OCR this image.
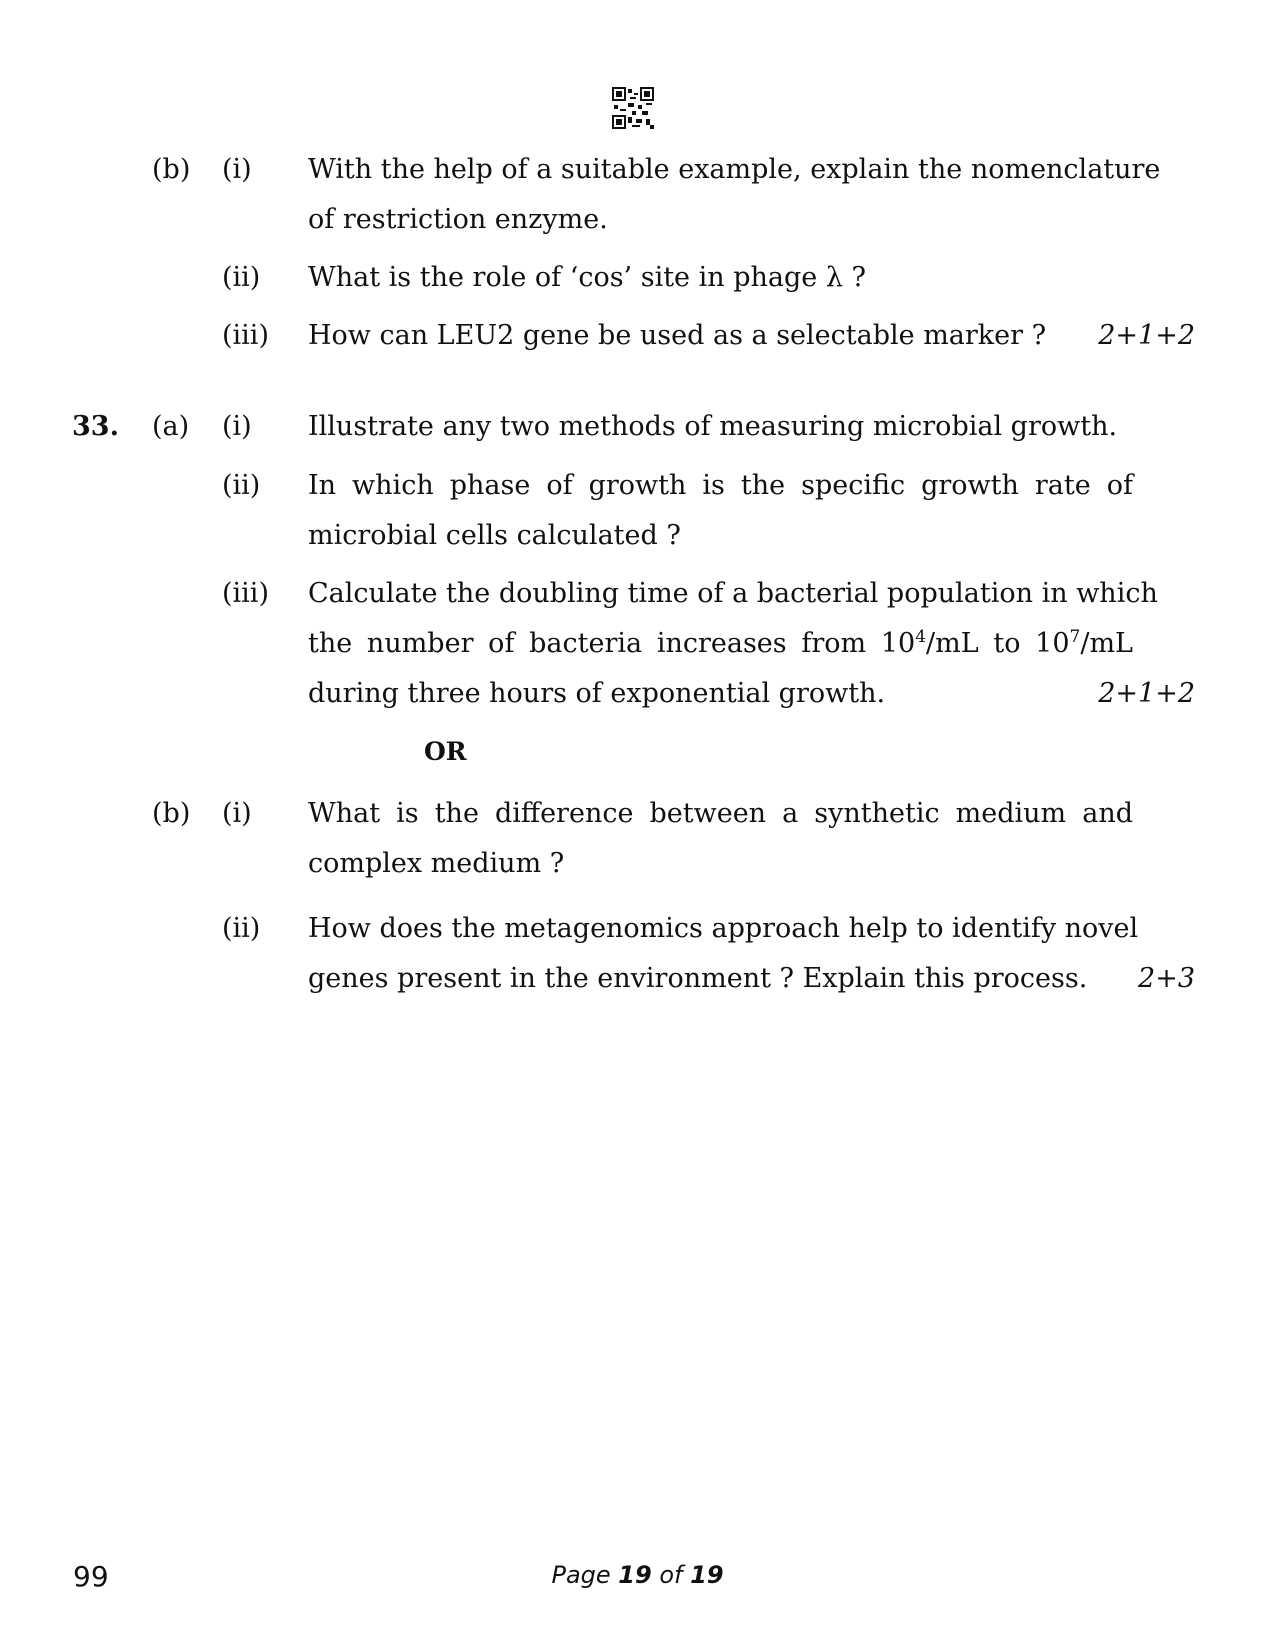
(b) (i) With the help of a suitable example, explain the nomenclature
of restriction enzyme.
(ii) What is the role of ‘cos’ site in phage λ ?
(iii) How can LEU2 gene be used as a selectable marker ? 2+1+2
33. (a) (i) Illustrate any two methods of measuring microbial growth.
(ii) In which phase of growth is the specific growth rate of
microbial cells calculated ?
(iii) Calculate the doubling time of a bacterial population in which
the number of bacteria increases from $10^4/mL$ to $10^7/mL$
during three hours of exponential growth.	2+1+2
OR
(b) (i) What is the difference between a synthetic medium and
complex medium ?
(ii) How does the metagenomics approach help to identify novel
genes present in the environment ? Explain this process. 2+3
99	Page 19 of 19
